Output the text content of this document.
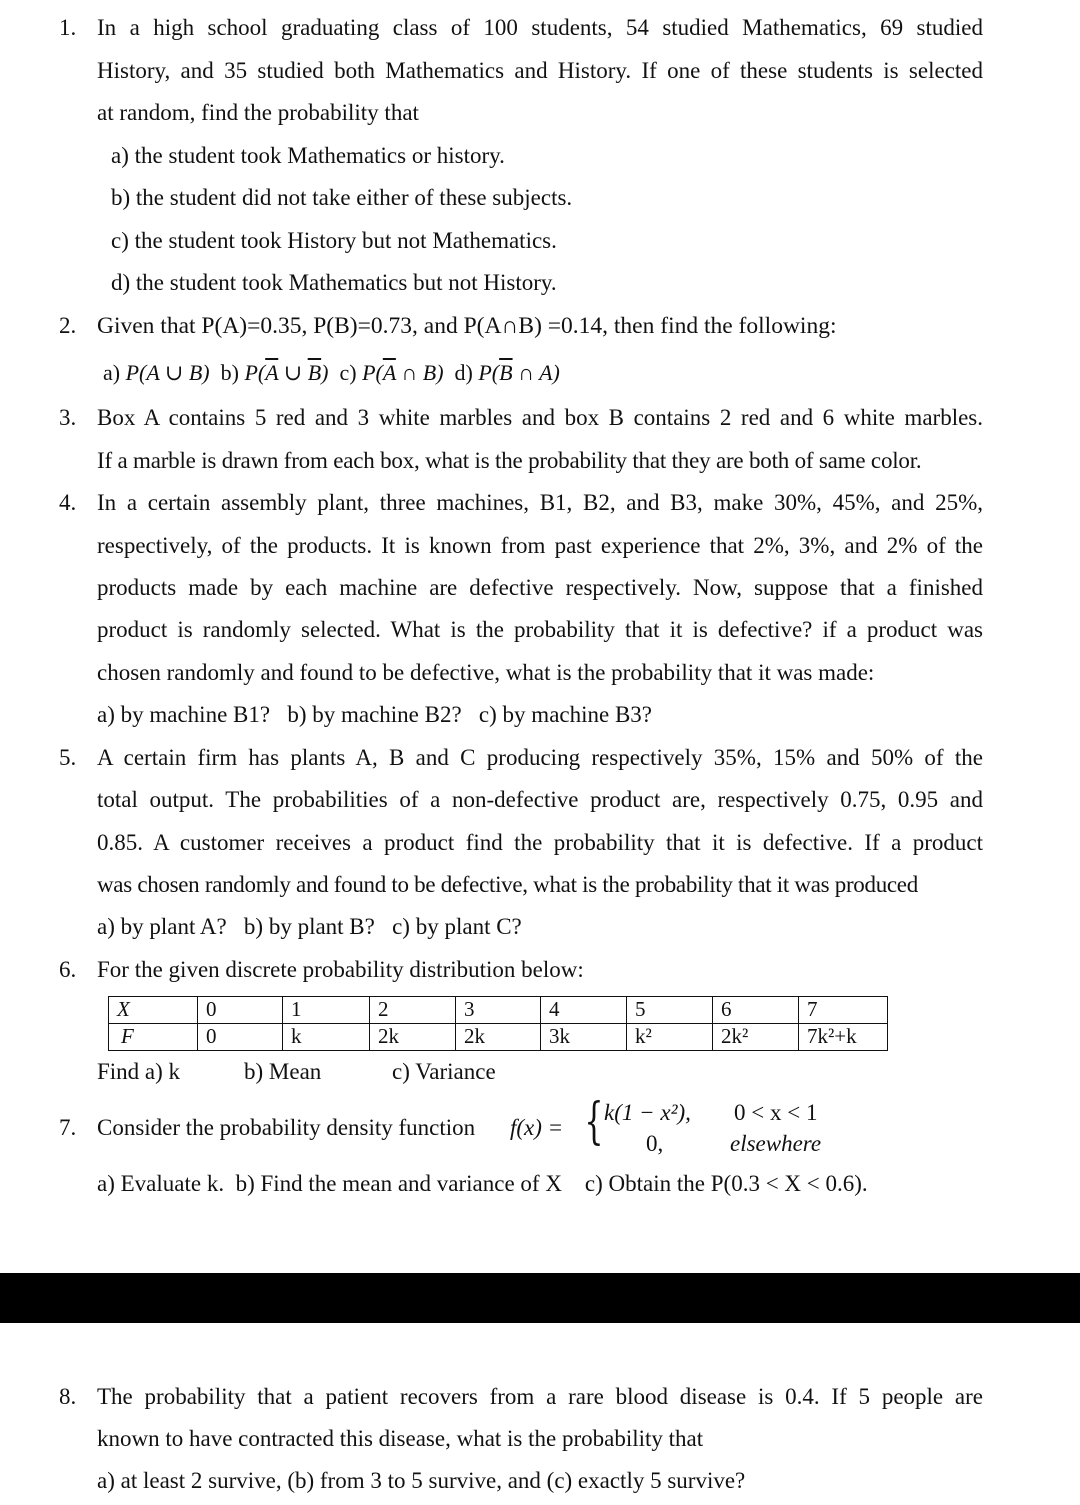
1. In a high school graduating class of 100 students, 54 studied Mathematics, 69 studied
History, and 35 studied both Mathematics and History. If one of these students is selected
at random, find the probability that
a) the student took Mathematics or history.
b) the student did not take either of these subjects.
c) the student took History but not Mathematics.
d) the student took Mathematics but not History.
2. Given that P(A)=0.35, P(B)=0.73, and P(A∩B) =0.14, then find the following:
a) P(A ∪ B) b) $P(\overline{A}$ ∪ $\overline{B}$) c) $P(\overline{A}$ ∩ B) d) $P(\overline{B}$ ∩ A)
3. Box A contains 5 red and 3 white marbles and box B contains 2 red and 6 white marbles.
If a marble is drawn from each box, what is the probability that they are both of same color.
4. In a certain assembly plant, three machines, B1, B2, and B3, make 30%, 45%, and 25%,
respectively, of the products. It is known from past experience that 2%, 3%, and 2% of the
products made by each machine are defective respectively. Now, suppose that a finished
product is randomly selected. What is the probability that it is defective? if a product was
chosen randomly and found to be defective, what is the probability that it was made:
a) by machine B1?   b) by machine B2?   c) by machine B3?
5. A certain firm has plants A, B and C producing respectively 35%, 15% and 50% of the
total output. The probabilities of a non-defective product are, respectively 0.75, 0.95 and
0.85. A customer receives a product find the probability that it is defective. If a product
was chosen randomly and found to be defective, what is the probability that it was produced
a) by plant A?   b) by plant B?   c) by plant C?
6. For the given discrete probability distribution below:
X	0	1	2	3	4	5	6	7
F	0	k	2k	2k	3k	k²	2k²	7k²+k
Find a) k	b) Mean	c) Variance
7. Consider the probability density function f(x) = { k(1 − x²), 0 < x < 1
0,	elsewhere
a) Evaluate k.  b) Find the mean and variance of X    c) Obtain the P(0.3 < X < 0.6).
8. The probability that a patient recovers from a rare blood disease is 0.4. If 5 people are
known to have contracted this disease, what is the probability that
a) at least 2 survive, (b) from 3 to 5 survive, and (c) exactly 5 survive?
